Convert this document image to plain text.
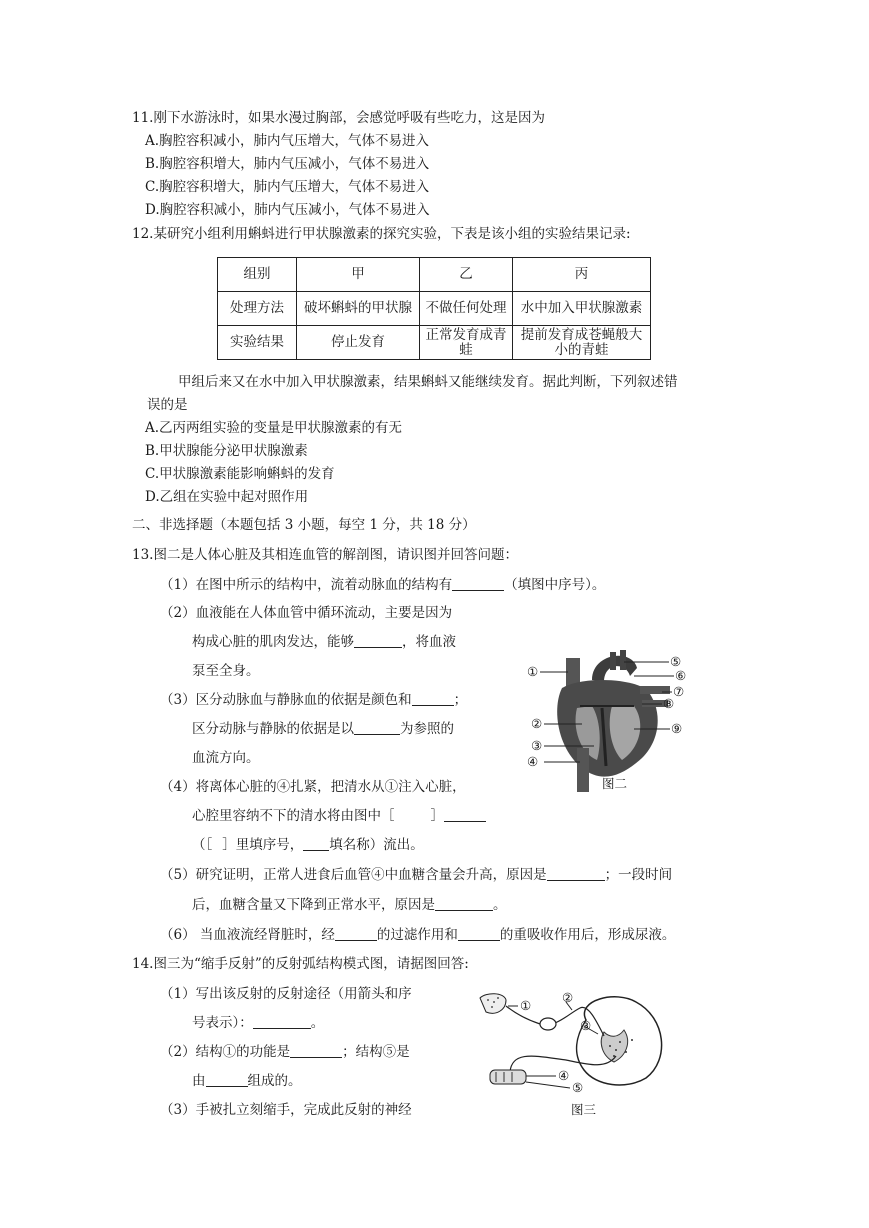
11.刚下水游泳时，如果水漫过胸部，会感觉呼吸有些吃力，这是因为
A.胸腔容积减小，肺内气压增大，气体不易进入
B.胸腔容积增大，肺内气压减小，气体不易进入
C.胸腔容积增大，肺内气压增大，气体不易进入
D.胸腔容积减小，肺内气压减小，气体不易进入
12.某研究小组利用蝌蚪进行甲状腺激素的探究实验，下表是该小组的实验结果记录:
组别	甲	乙	丙
处理方法	破坏蝌蚪的甲状腺	不做任何处理	水中加入甲状腺激素
实验结果	停止发育	正常发育成青蛙	提前发育成苍蝇般大小的青蛙
甲组后来又在水中加入甲状腺激素，结果蝌蚪又能继续发育。据此判断，下列叙述错
误的是
A.乙丙两组实验的变量是甲状腺激素的有无
B.甲状腺能分泌甲状腺激素
C.甲状腺激素能影响蝌蚪的发育
D.乙组在实验中起对照作用
二、非选择题（本题包括 3 小题，每空 1 分，共 18 分）
13.图二是人体心脏及其相连血管的解剖图，请识图并回答问题：
（1）在图中所示的结构中，流着动脉血的结构有	（填图中序号）。
（2）血液能在人体血管中循环流动，主要是因为
构成心脏的肌肉发达，能够	，将血液
泵至全身。
（3）区分动脉血与静脉血的依据是颜色和	；
区分动脉与静脉的依据是以	为参照的
血流方向。
（4）将离体心脏的④扎紧，把清水从①注入心脏，
心腔里容纳不下的清水将由图中［	］
（［ ］里填序号， 填名称）流出。
（5）研究证明，正常人进食后血管④中血糖含量会升高，原因是	；一段时间
后，血糖含量又下降到正常水平，原因是	。
（6） 当血液流经肾脏时，经	的过滤作用和	的重吸收作用后，形成尿液。
①
②
③
④
⑤
⑥
⑦
⑧
⑨
图二
14.图三为“缩手反射”的反射弧结构模式图，请据图回答:
（1）写出该反射的反射途径（用箭头和序
号表示）：	。
（2）结构①的功能是	；结构⑤是
由	组成的。
（3）手被扎立刻缩手，完成此反射的神经
①
②
③
④
⑤
图三
